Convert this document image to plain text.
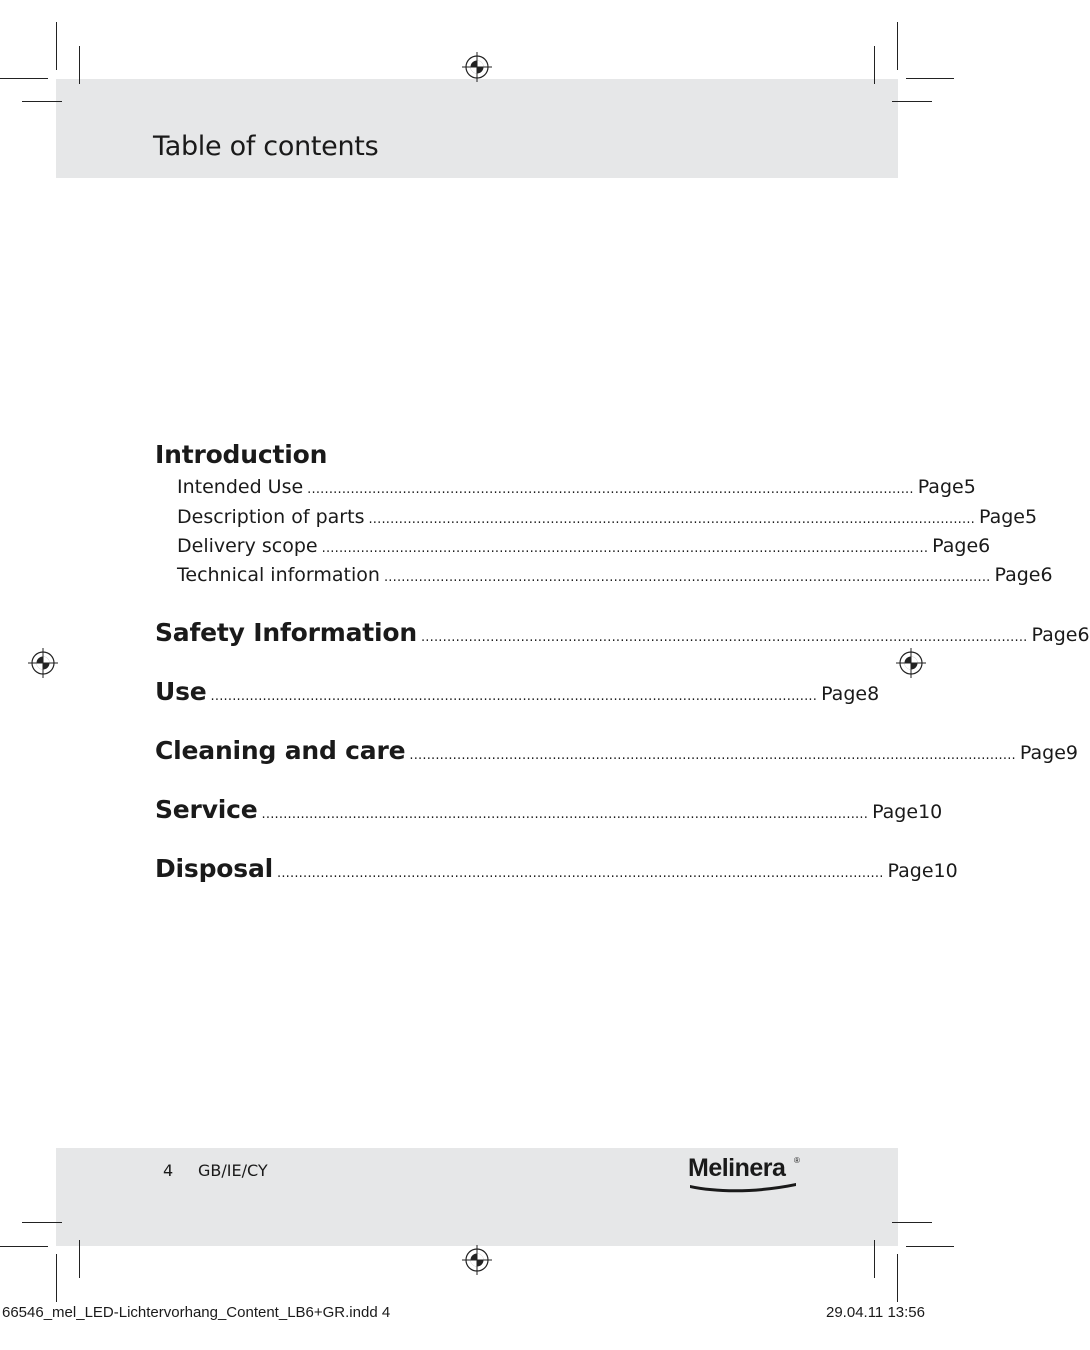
Table of contents
Introduction
Intended Use ............................................................................................................................................ Page 5
Description of parts ............................................................................................................................................ Page 5
Delivery scope ............................................................................................................................................ Page 6
Technical information ............................................................................................................................................ Page 6
Safety Information ............................................................................................................................................ Page 6
Use ............................................................................................................................................ Page 8
Cleaning and care ............................................................................................................................................ Page 9
Service ............................................................................................................................................ Page 10
Disposal ............................................................................................................................................ Page 10
4 GB/IE/CY	Melinera ®
66546_mel_LED-Lichtervorhang_Content_LB6+GR.indd 4	29.04.11 13:56
